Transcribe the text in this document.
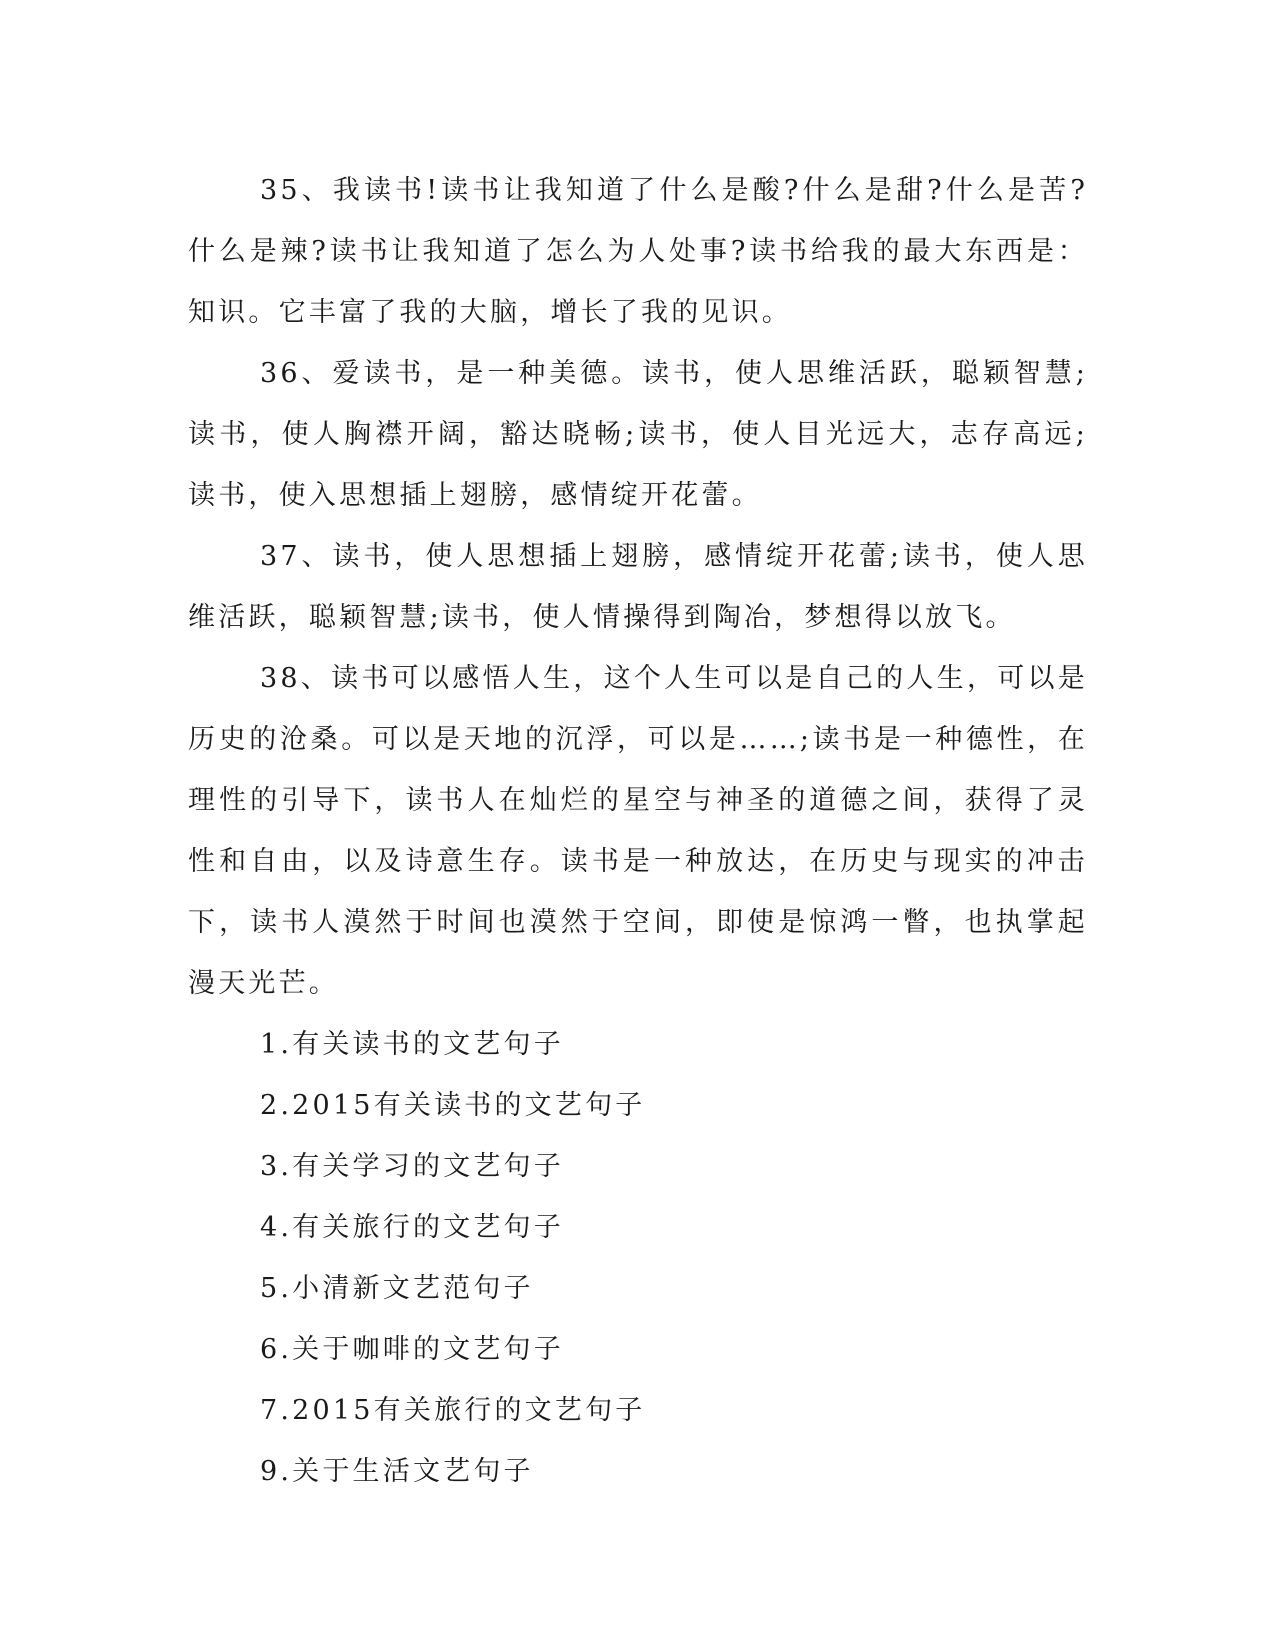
35、我读书!读书让我知道了什么是酸?什么是甜?什么是苦?什么是辣?读书让我知道了怎么为人处事?读书给我的最大东西是：知识。它丰富了我的大脑，增长了我的见识。

36、爱读书，是一种美德。读书，使人思维活跃，聪颖智慧;读书，使人胸襟开阔，豁达晓畅;读书，使人目光远大，志存高远;读书，使入思想插上翅膀，感情绽开花蕾。

37、读书，使人思想插上翅膀，感情绽开花蕾;读书，使人思维活跃，聪颖智慧;读书，使人情操得到陶冶，梦想得以放飞。

38、读书可以感悟人生，这个人生可以是自己的人生，可以是历史的沧桑。可以是天地的沉浮，可以是……;读书是一种德性，在理性的引导下，读书人在灿烂的星空与神圣的道德之间，获得了灵性和自由，以及诗意生存。读书是一种放达，在历史与现实的冲击下，读书人漠然于时间也漠然于空间，即使是惊鸿一瞥，也执掌起漫天光芒。

1.有关读书的文艺句子
2.2015有关读书的文艺句子
3.有关学习的文艺句子
4.有关旅行的文艺句子
5.小清新文艺范句子
6.关于咖啡的文艺句子
7.2015有关旅行的文艺句子
9.关于生活文艺句子
